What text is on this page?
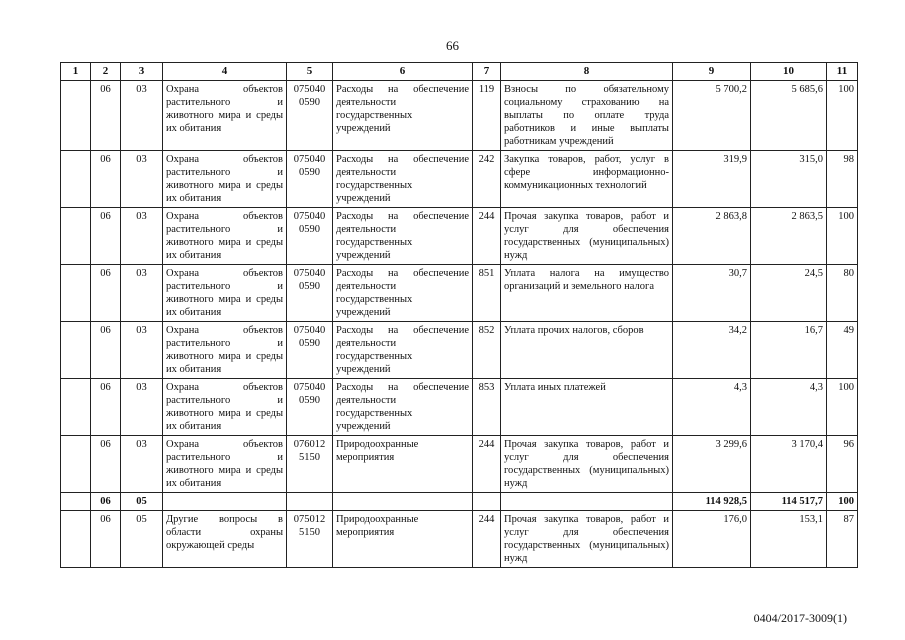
66
1	2	3	4	5	6	7	8	9	10	11
	06	03	Охрана объектов растительного и животного мира и среды их обитания	075040 0590	Расходы на обеспечение деятельности государственных учреждений	119	Взносы по обязательному социальному страхованию на выплаты по оплате труда работников и иные выплаты работникам учреждений	5 700,2	5 685,6	100
	06	03	Охрана объектов растительного и животного мира и среды их обитания	075040 0590	Расходы на обеспечение деятельности государственных учреждений	242	Закупка товаров, работ, услуг в сфере информационно-коммуникационных технологий	319,9	315,0	98
	06	03	Охрана объектов растительного и животного мира и среды их обитания	075040 0590	Расходы на обеспечение деятельности государственных учреждений	244	Прочая закупка товаров, работ и услуг для обеспечения государственных (муниципальных) нужд	2 863,8	2 863,5	100
	06	03	Охрана объектов растительного и животного мира и среды их обитания	075040 0590	Расходы на обеспечение деятельности государственных учреждений	851	Уплата налога на имущество организаций и земельного налога	30,7	24,5	80
	06	03	Охрана объектов растительного и животного мира и среды их обитания	075040 0590	Расходы на обеспечение деятельности государственных учреждений	852	Уплата прочих налогов, сборов	34,2	16,7	49
	06	03	Охрана объектов растительного и животного мира и среды их обитания	075040 0590	Расходы на обеспечение деятельности государственных учреждений	853	Уплата иных платежей	4,3	4,3	100
	06	03	Охрана объектов растительного и животного мира и среды их обитания	076012 5150	Природоохранные мероприятия	244	Прочая закупка товаров, работ и услуг для обеспечения государственных (муниципальных) нужд	3 299,6	3 170,4	96
	06	05						114 928,5	114 517,7	100
	06	05	Другие вопросы в области охраны окружающей среды	075012 5150	Природоохранные мероприятия	244	Прочая закупка товаров, работ и услуг для обеспечения государственных (муниципальных) нужд	176,0	153,1	87
0404/2017-3009(1)
